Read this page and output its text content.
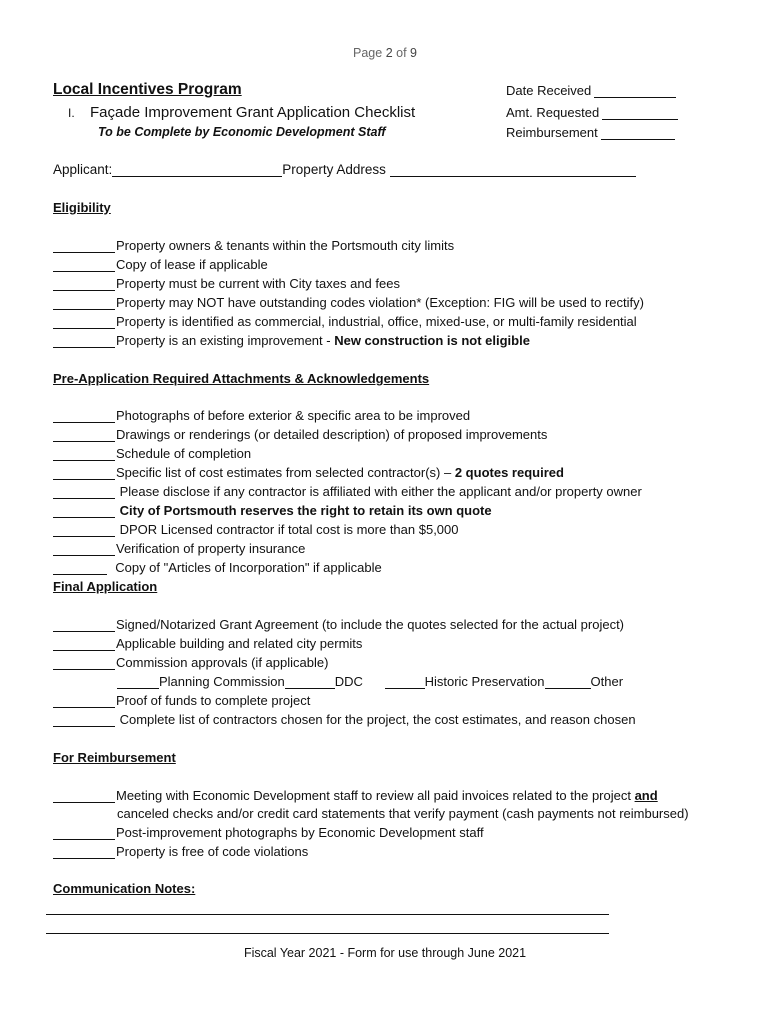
Page 2 of 9
Local Incentives Program
I. Façade Improvement Grant Application Checklist
To be Complete by Economic Development Staff
Date Received
Amt. Requested
Reimbursement
Applicant:	Property Address
Eligibility
Property owners & tenants within the Portsmouth city limits
Copy of lease if applicable
Property must be current with City taxes and fees
Property may NOT have outstanding codes violation* (Exception: FIG will be used to rectify)
Property is identified as commercial, industrial, office, mixed-use, or multi-family residential
Property is an existing improvement - New construction is not eligible
Pre-Application Required Attachments & Acknowledgements
Photographs of before exterior & specific area to be improved
Drawings or renderings (or detailed description) of proposed improvements
Schedule of completion
Specific list of cost estimates from selected contractor(s) – 2 quotes required
Please disclose if any contractor is affiliated with either the applicant and/or property owner
City of Portsmouth reserves the right to retain its own quote
DPOR Licensed contractor if total cost is more than $5,000
Verification of property insurance
Copy of "Articles of Incorporation" if applicable
Final Application
Signed/Notarized Grant Agreement (to include the quotes selected for the actual project)
Applicable building and related city permits
Commission approvals (if applicable)
Planning Commission	DDC	Historic Preservation	Other
Proof of funds to complete project
Complete list of contractors chosen for the project, the cost estimates, and reason chosen
For Reimbursement
Meeting with Economic Development staff to review all paid invoices related to the project and
canceled checks and/or credit card statements that verify payment (cash payments not reimbursed)
Post-improvement photographs by Economic Development staff
Property is free of code violations
Communication Notes:
Fiscal Year 2021 - Form for use through June 2021
